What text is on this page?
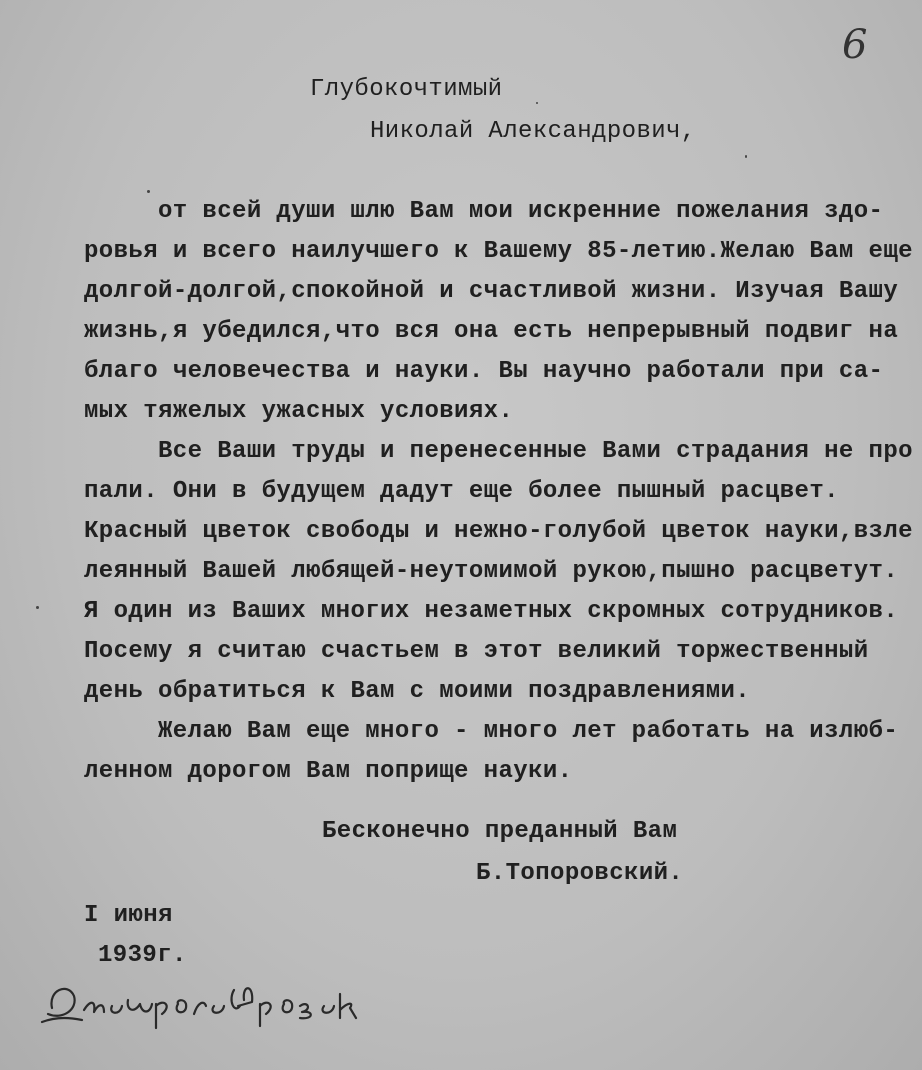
6
Глубокочтимый
Николай Александрович,
от всей души шлю Вам мои искренние пожелания здо-
ровья и всего наилучшего к Вашему 85-летию.Желаю Вам еще
долгой-долгой,спокойной и счастливой жизни. Изучая Вашу
жизнь,я убедился,что вся она есть непрерывный подвиг на
благо человечества и науки. Вы научно работали при са-
мых тяжелых ужасных условиях.
Все Ваши труды и перенесенные Вами страдания не про
пали. Они в будущем дадут еще более пышный расцвет.
Красный цветок свободы и нежно-голубой цветок науки,взле
леянный Вашей любящей-неутомимой рукою,пышно расцветут.
Я один из Ваших многих незаметных скромных сотрудников.
Посему я считаю счастьем в этот великий торжественный
день обратиться к Вам с моими поздравлениями.
Желаю Вам еще много - много лет работать на излюб-
ленном дорогом Вам поприще науки.
Бесконечно преданный Вам
Б.Топоровский.
I июня
1939г.
